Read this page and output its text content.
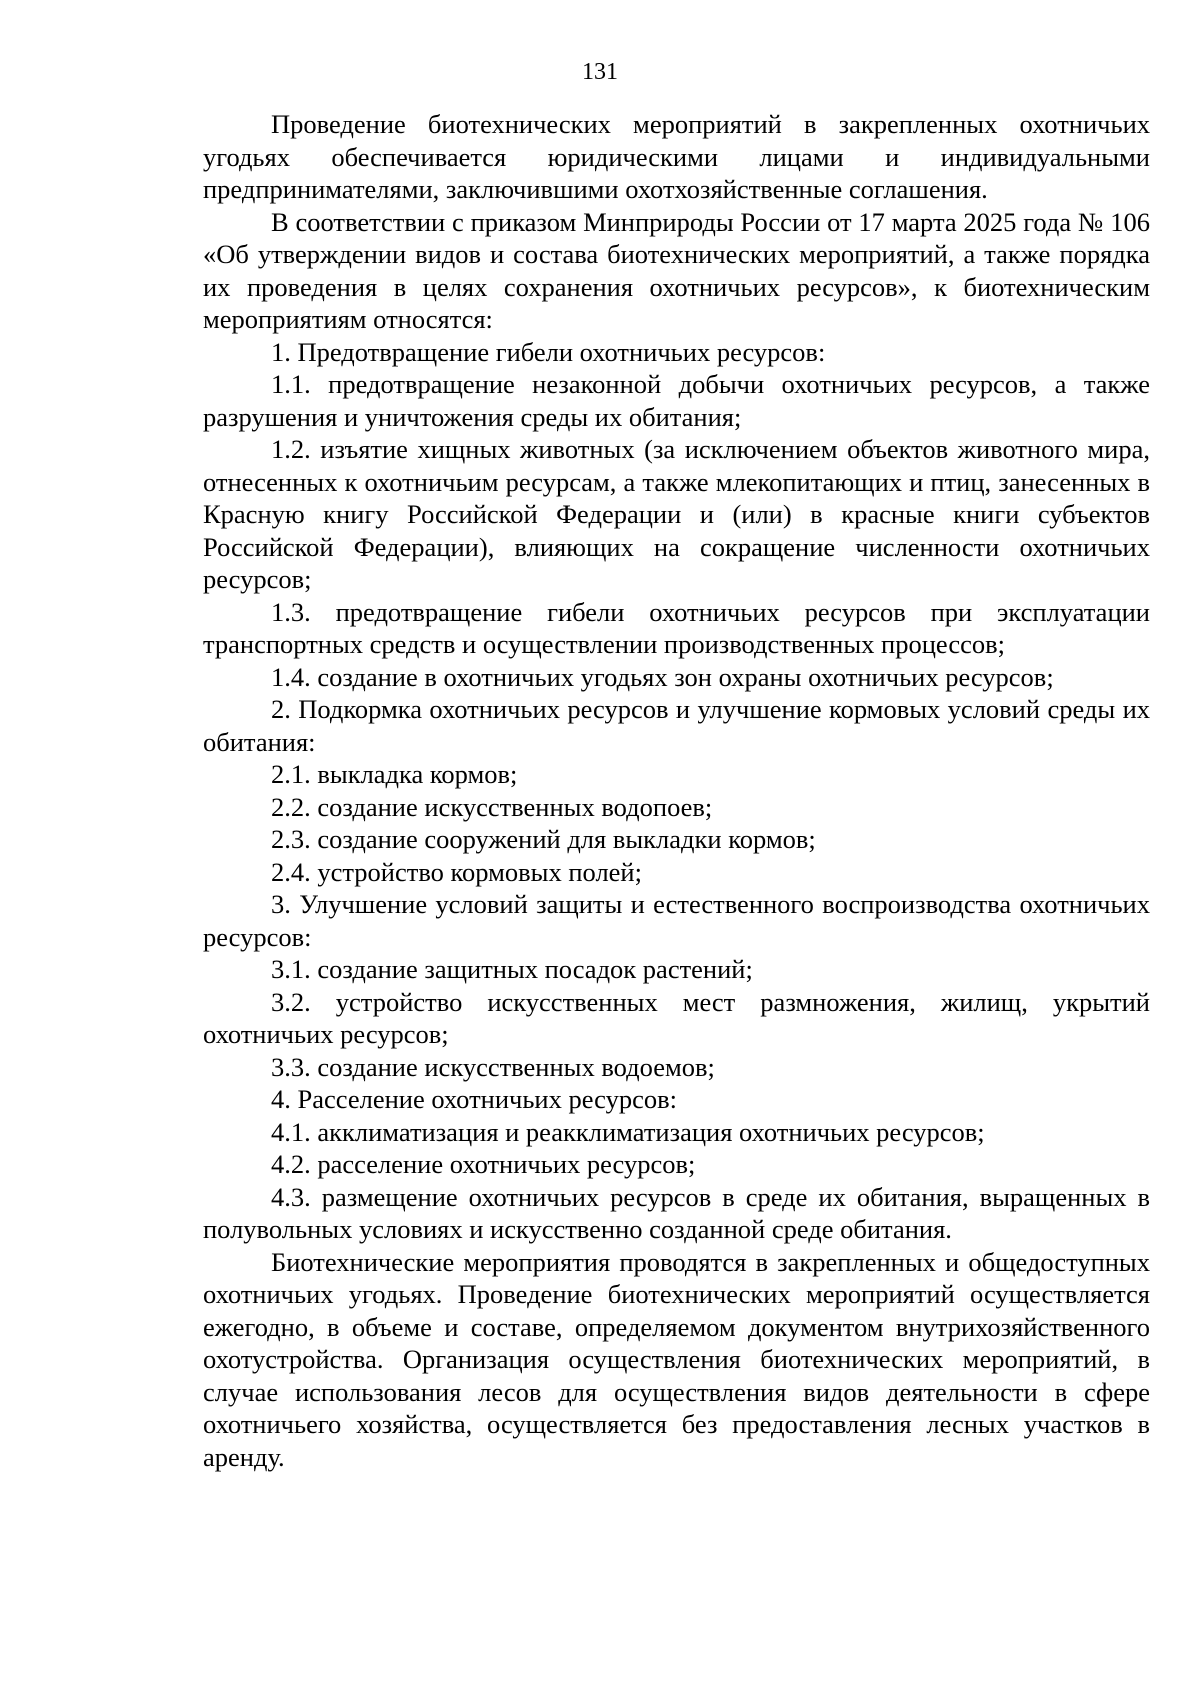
131

Проведение биотехнических мероприятий в закрепленных охотничьих угодьях обеспечивается юридическими лицами и индивидуальными предпринимателями, заключившими охотхозяйственные соглашения.

В соответствии с приказом Минприроды России от 17 марта 2025 года № 106 «Об утверждении видов и состава биотехнических мероприятий, а также порядка их проведения в целях сохранения охотничьих ресурсов», к биотехническим мероприятиям относятся:

1. Предотвращение гибели охотничьих ресурсов:

1.1. предотвращение незаконной добычи охотничьих ресурсов, а также разрушения и уничтожения среды их обитания;

1.2. изъятие хищных животных (за исключением объектов животного мира, отнесенных к охотничьим ресурсам, а также млекопитающих и птиц, занесенных в Красную книгу Российской Федерации и (или) в красные книги субъектов Российской Федерации), влияющих на сокращение численности охотничьих ресурсов;

1.3. предотвращение гибели охотничьих ресурсов при эксплуатации транспортных средств и осуществлении производственных процессов;

1.4. создание в охотничьих угодьях зон охраны охотничьих ресурсов;

2. Подкормка охотничьих ресурсов и улучшение кормовых условий среды их обитания:

2.1. выкладка кормов;

2.2. создание искусственных водопоев;

2.3. создание сооружений для выкладки кормов;

2.4. устройство кормовых полей;

3. Улучшение условий защиты и естественного воспроизводства охотничьих ресурсов:

3.1. создание защитных посадок растений;

3.2. устройство искусственных мест размножения, жилищ, укрытий охотничьих ресурсов;

3.3. создание искусственных водоемов;

4. Расселение охотничьих ресурсов:

4.1. акклиматизация и реакклиматизация охотничьих ресурсов;

4.2. расселение охотничьих ресурсов;

4.3. размещение охотничьих ресурсов в среде их обитания, выращенных в полувольных условиях и искусственно созданной среде обитания.

Биотехнические мероприятия проводятся в закрепленных и общедоступных охотничьих угодьях. Проведение биотехнических мероприятий осуществляется ежегодно, в объеме и составе, определяемом документом внутрихозяйственного охотустройства. Организация осуществления биотехнических мероприятий, в случае использования лесов для осуществления видов деятельности в сфере охотничьего хозяйства, осуществляется без предоставления лесных участков в аренду.
